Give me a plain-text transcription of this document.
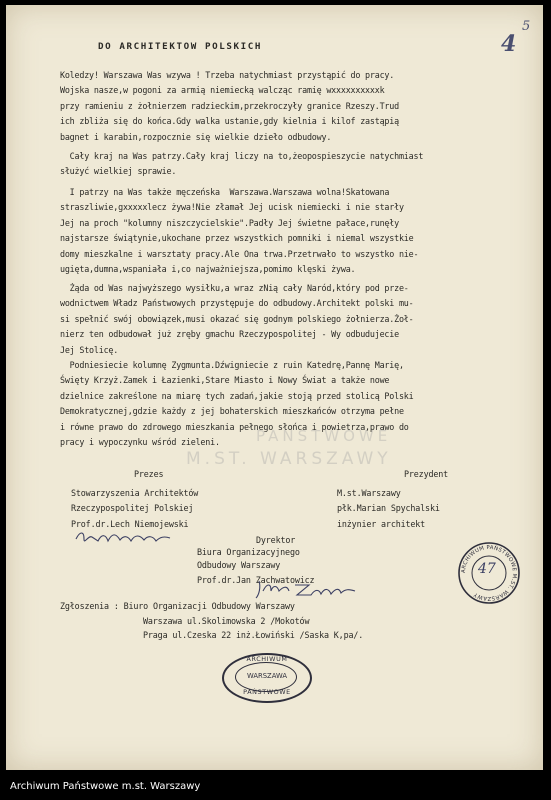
5
4
DO ARCHITEKTOW POLSKICH
Koledzy! Warszawa Was wzywa ! Trzeba natychmiast przystąpić do pracy.
Wojska nasze,w pogoni za armią niemiecką walcząc ramię wxxxxxxxxxxk
przy ramieniu z żołnierzem radzieckim,przekroczyły granice Rzeszy.Trud
ich zbliża się do końca.Gdy walka ustanie,gdy kielnia i kilof zastąpią
bagnet i karabin,rozpocznie się wielkie dzieło odbudowy.
Cały kraj na Was patrzy.Cały kraj liczy na to,żeopospieszycie natychmiast
służyć wielkiej sprawie.
I patrzy na Was także męczeńska  Warszawa.Warszawa wolna!Skatowana
straszliwie,gxxxxxlecz żywa!Nie złamał Jej ucisk niemiecki i nie starły
Jej na proch "kolumny niszczycielskie".Padły Jej świetne pałace,runęły
najstarsze świątynie,ukochane przez wszystkich pomniki i niemal wszystkie
domy mieszkalne i warsztaty pracy.Ale Ona trwa.Przetrwało to wszystko nie-
ugięta,dumna,wspaniała i,co najważniejsza,pomimo klęski żywa.
Żąda od Was najwyższego wysiłku,a wraz zNią cały Naród,który pod prze-
wodnictwem Władz Państwowych przystępuje do odbudowy.Architekt polski mu-
si spełnić swój obowiązek,musi okazać się godnym polskiego żołnierza.Żoł-
nierz ten odbudował już zręby gmachu Rzeczypospolitej - Wy odbudujecie
Jej Stolicę.
Podniesiecie kolumnę Zygmunta.Dźwigniecie z ruin Katedrę,Pannę Marię,
Święty Krzyż.Zamek i Łazienki,Stare Miasto i Nowy Świat a także nowe
dzielnice zakreślone na miarę tych zadań,jakie stoją przed stolicą Polski
Demokratycznej,gdzie każdy z jej bohaterskich mieszkańców otrzyma pełne
i równe prawo do zdrowego mieszkania pełnego słońca i powietrza,prawo do
pracy i wypoczynku wśród zieleni.	PAŃSTWOWE
M.ST. WARSZAWY
Prezes
Stowarzyszenia Architektów
Rzeczypospolitej Polskiej
Prof.dr.Lech Niemojewski
Prezydent
M.st.Warszawy
płk.Marian Spychalski
inżynier architekt
Dyrektor
Biura Organizacyjnego
Odbudowy Warszawy
Prof.dr.Jan Zachwatowicz
Zgłoszenia : Biuro Organizacji Odbudowy Warszawy
Warszawa ul.Skolimowska 2 /Mokotów
Praga ul.Czeska 22 inż.Łowiński /Saska K,pa/.
ARCHIWUM PAŃSTWOWE M.ST. WARSZAWY
47
ARCHIWUM
WARSZAWA
PAŃSTWOWE
Archiwum Państwowe m.st. Warszawy
